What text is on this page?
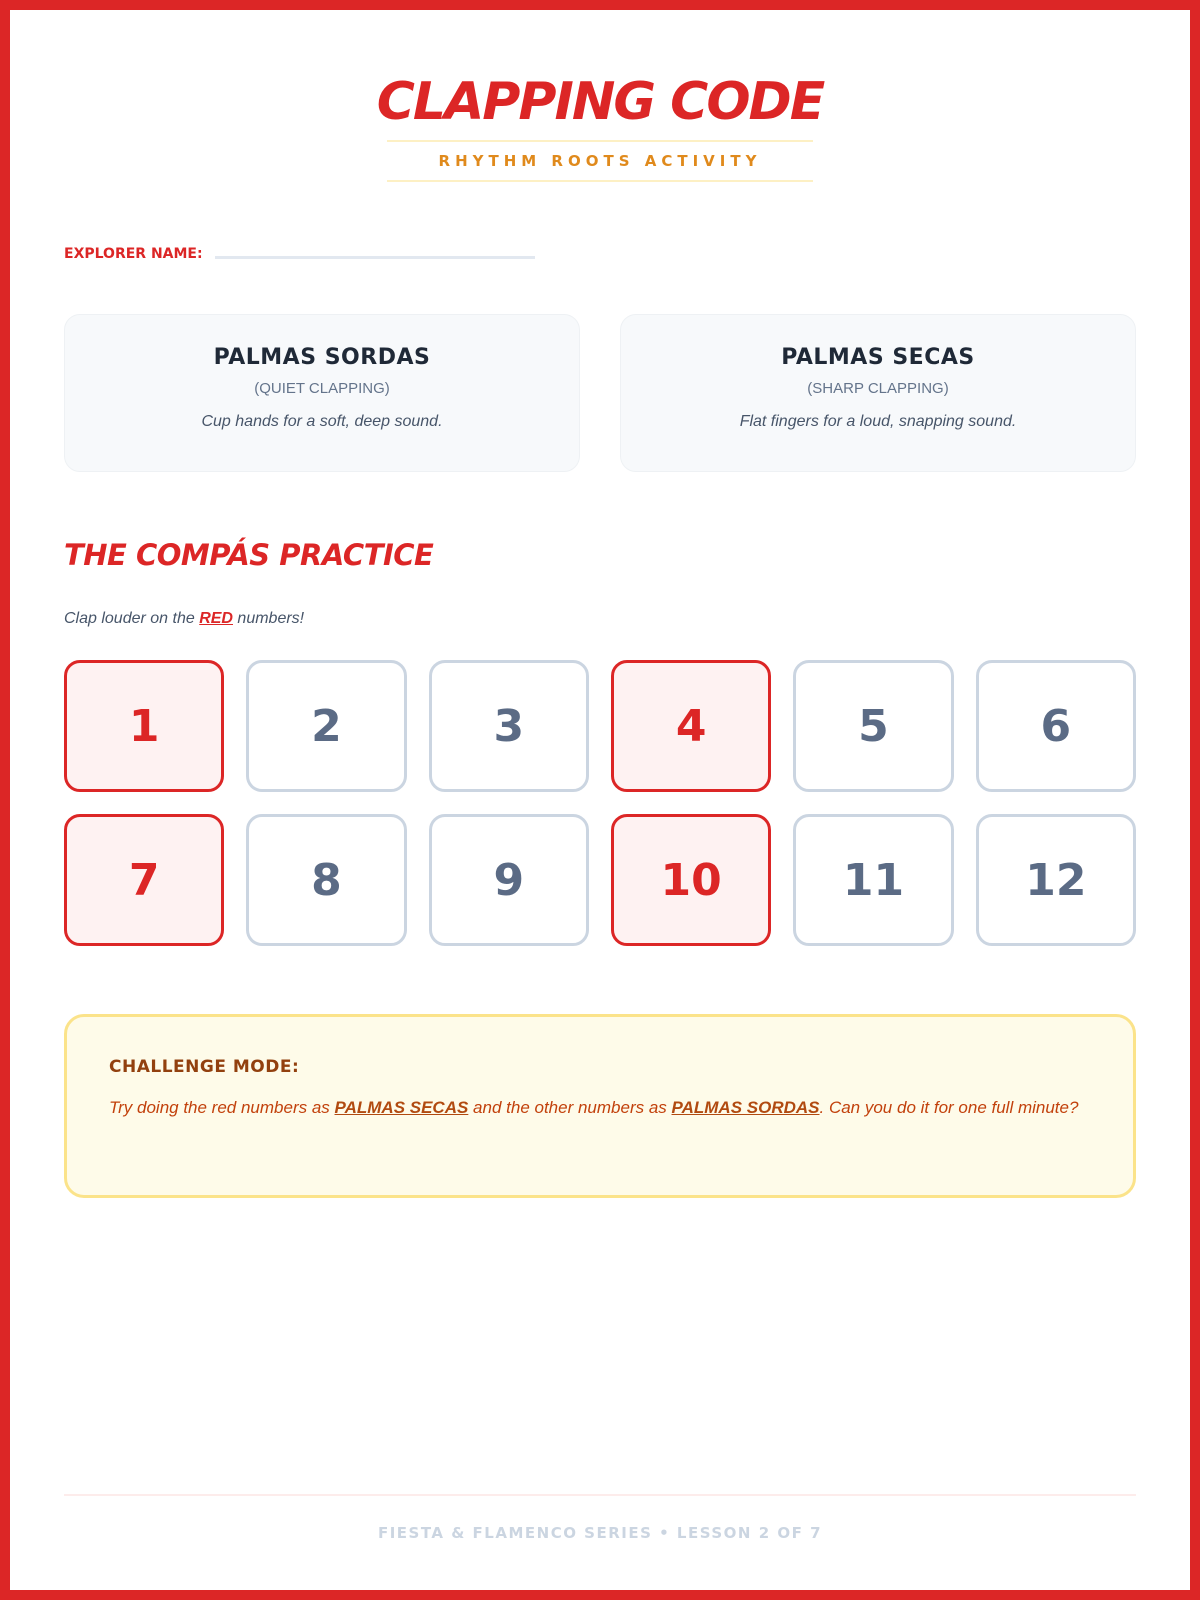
CLAPPING CODE
RHYTHM ROOTS ACTIVITY
EXPLORER NAME:
PALMAS SORDAS
(QUIET CLAPPING)
Cup hands for a soft, deep sound.
PALMAS SECAS
(SHARP CLAPPING)
Flat fingers for a loud, snapping sound.
THE COMPÁS PRACTICE

Clap louder on the RED numbers!

1	2	3	4	5	6
7	8	9	10	11	12
CHALLENGE MODE:

Try doing the red numbers as PALMAS SECAS and the other numbers as PALMAS SORDAS. Can you do it for one full minute?

FIESTA & FLAMENCO SERIES • LESSON 2 OF 7
